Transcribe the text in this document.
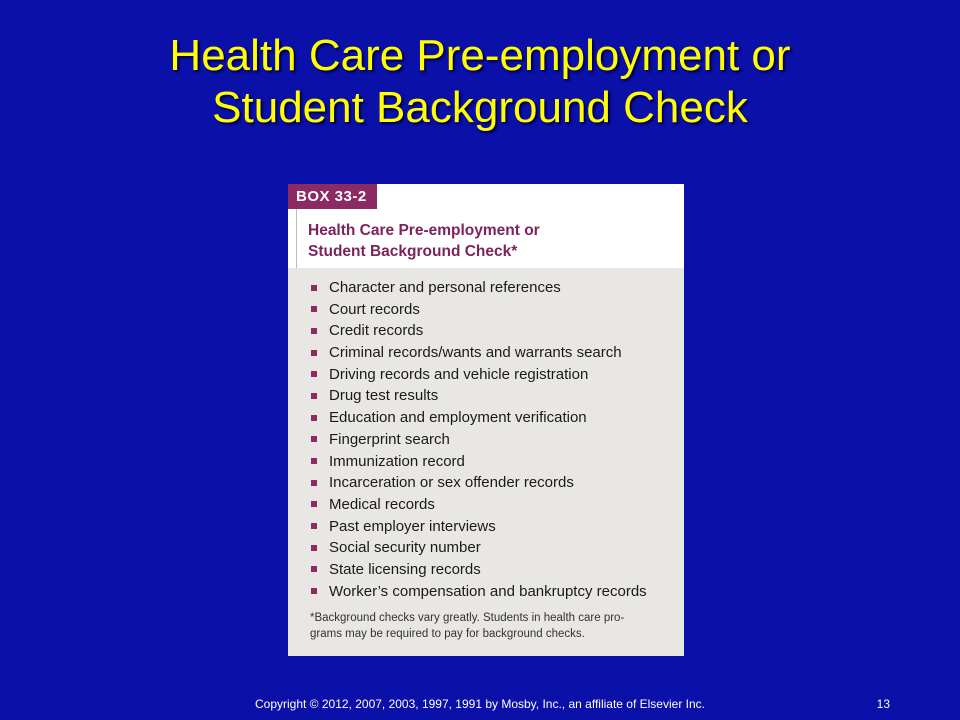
Health Care Pre-employment or
Student Background Check
BOX 33-2
Health Care Pre-employment or
Student Background Check*
Character and personal references
Court records
Credit records
Criminal records/wants and warrants search
Driving records and vehicle registration
Drug test results
Education and employment verification
Fingerprint search
Immunization record
Incarceration or sex offender records
Medical records
Past employer interviews
Social security number
State licensing records
Worker’s compensation and bankruptcy records
*Background checks vary greatly. Students in health care pro-
grams may be required to pay for background checks.
Copyright © 2012, 2007, 2003, 1997, 1991 by Mosby, Inc., an affiliate of Elsevier Inc.	13
